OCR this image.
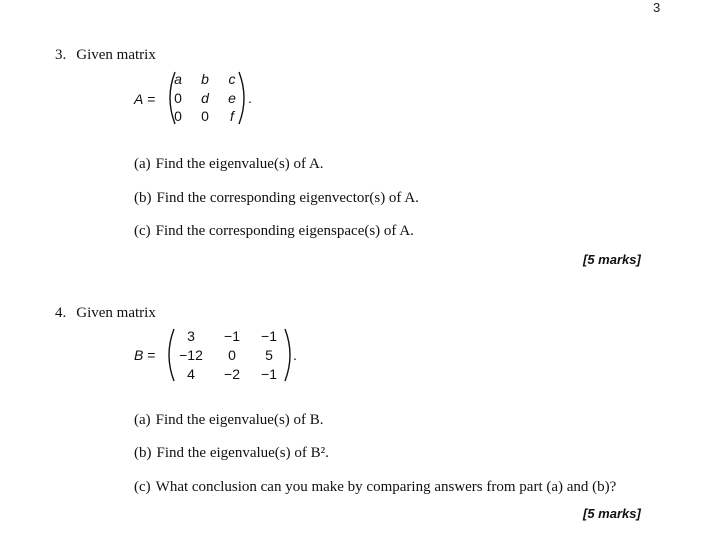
3
3. Given matrix
A =
a	b	c
0	d	e
0	0	f
.
(a) Find the eigenvalue(s) of A.
(b) Find the corresponding eigenvector(s) of A.
(c) Find the corresponding eigenspace(s) of A.
[5 marks]
4. Given matrix
B =
3	−1	−1
−12	0	5
4	−2	−1
.
(a) Find the eigenvalue(s) of B.
(b) Find the eigenvalue(s) of B².
(c) What conclusion can you make by comparing answers from part (a) and (b)?
[5 marks]
